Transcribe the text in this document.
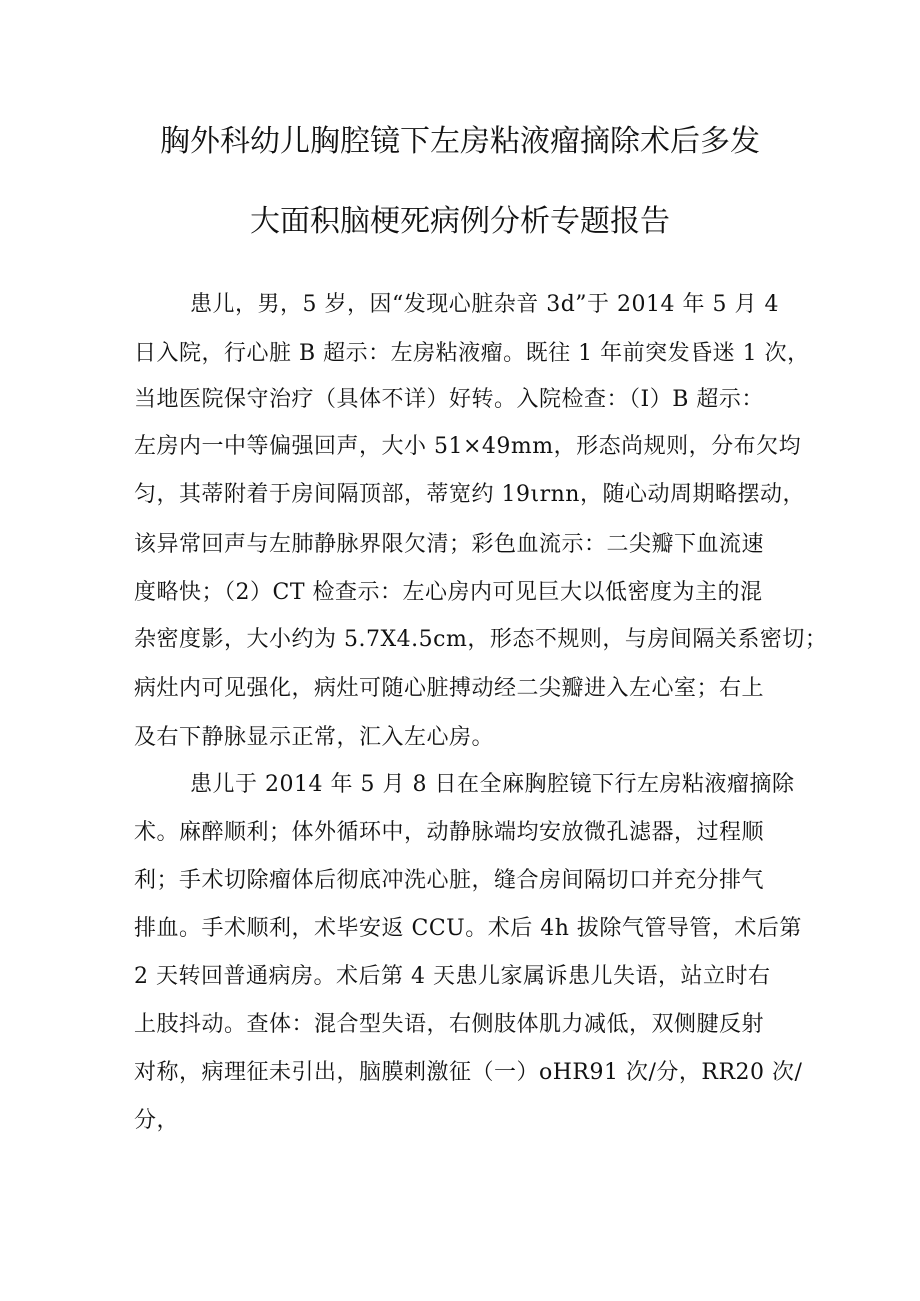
胸外科幼儿胸腔镜下左房粘液瘤摘除术后多发
大面积脑梗死病例分析专题报告
患儿，男，5 岁，因“发现心脏杂音 3d”于 2014 年 5 月 4
日入院，行心脏 B 超示：左房粘液瘤。既往 1 年前突发昏迷 1 次，
当地医院保守治疗（具体不详）好转。入院检查：（I）B 超示：
左房内一中等偏强回声，大小 51×49mm，形态尚规则，分布欠均
匀，其蒂附着于房间隔顶部，蒂宽约 19ιrnn，随心动周期略摆动，
该异常回声与左肺静脉界限欠清；彩色血流示：二尖瓣下血流速
度略快；（2）CT 检查示：左心房内可见巨大以低密度为主的混
杂密度影，大小约为 5.7X4.5cm，形态不规则，与房间隔关系密切；
病灶内可见强化，病灶可随心脏搏动经二尖瓣进入左心室；右上
及右下静脉显示正常，汇入左心房。
患儿于 2014 年 5 月 8 日在全麻胸腔镜下行左房粘液瘤摘除
术。麻醉顺利；体外循环中，动静脉端均安放微孔滤器，过程顺
利；手术切除瘤体后彻底冲洗心脏，缝合房间隔切口并充分排气
排血。手术顺利，术毕安返 CCU。术后 4h 拔除气管导管，术后第
2 天转回普通病房。术后第 4 天患儿家属诉患儿失语，站立时右
上肢抖动。查体：混合型失语，右侧肢体肌力减低，双侧腱反射
对称，病理征未引出，脑膜刺激征（一）oHR91 次/分，RR20 次/
分，
